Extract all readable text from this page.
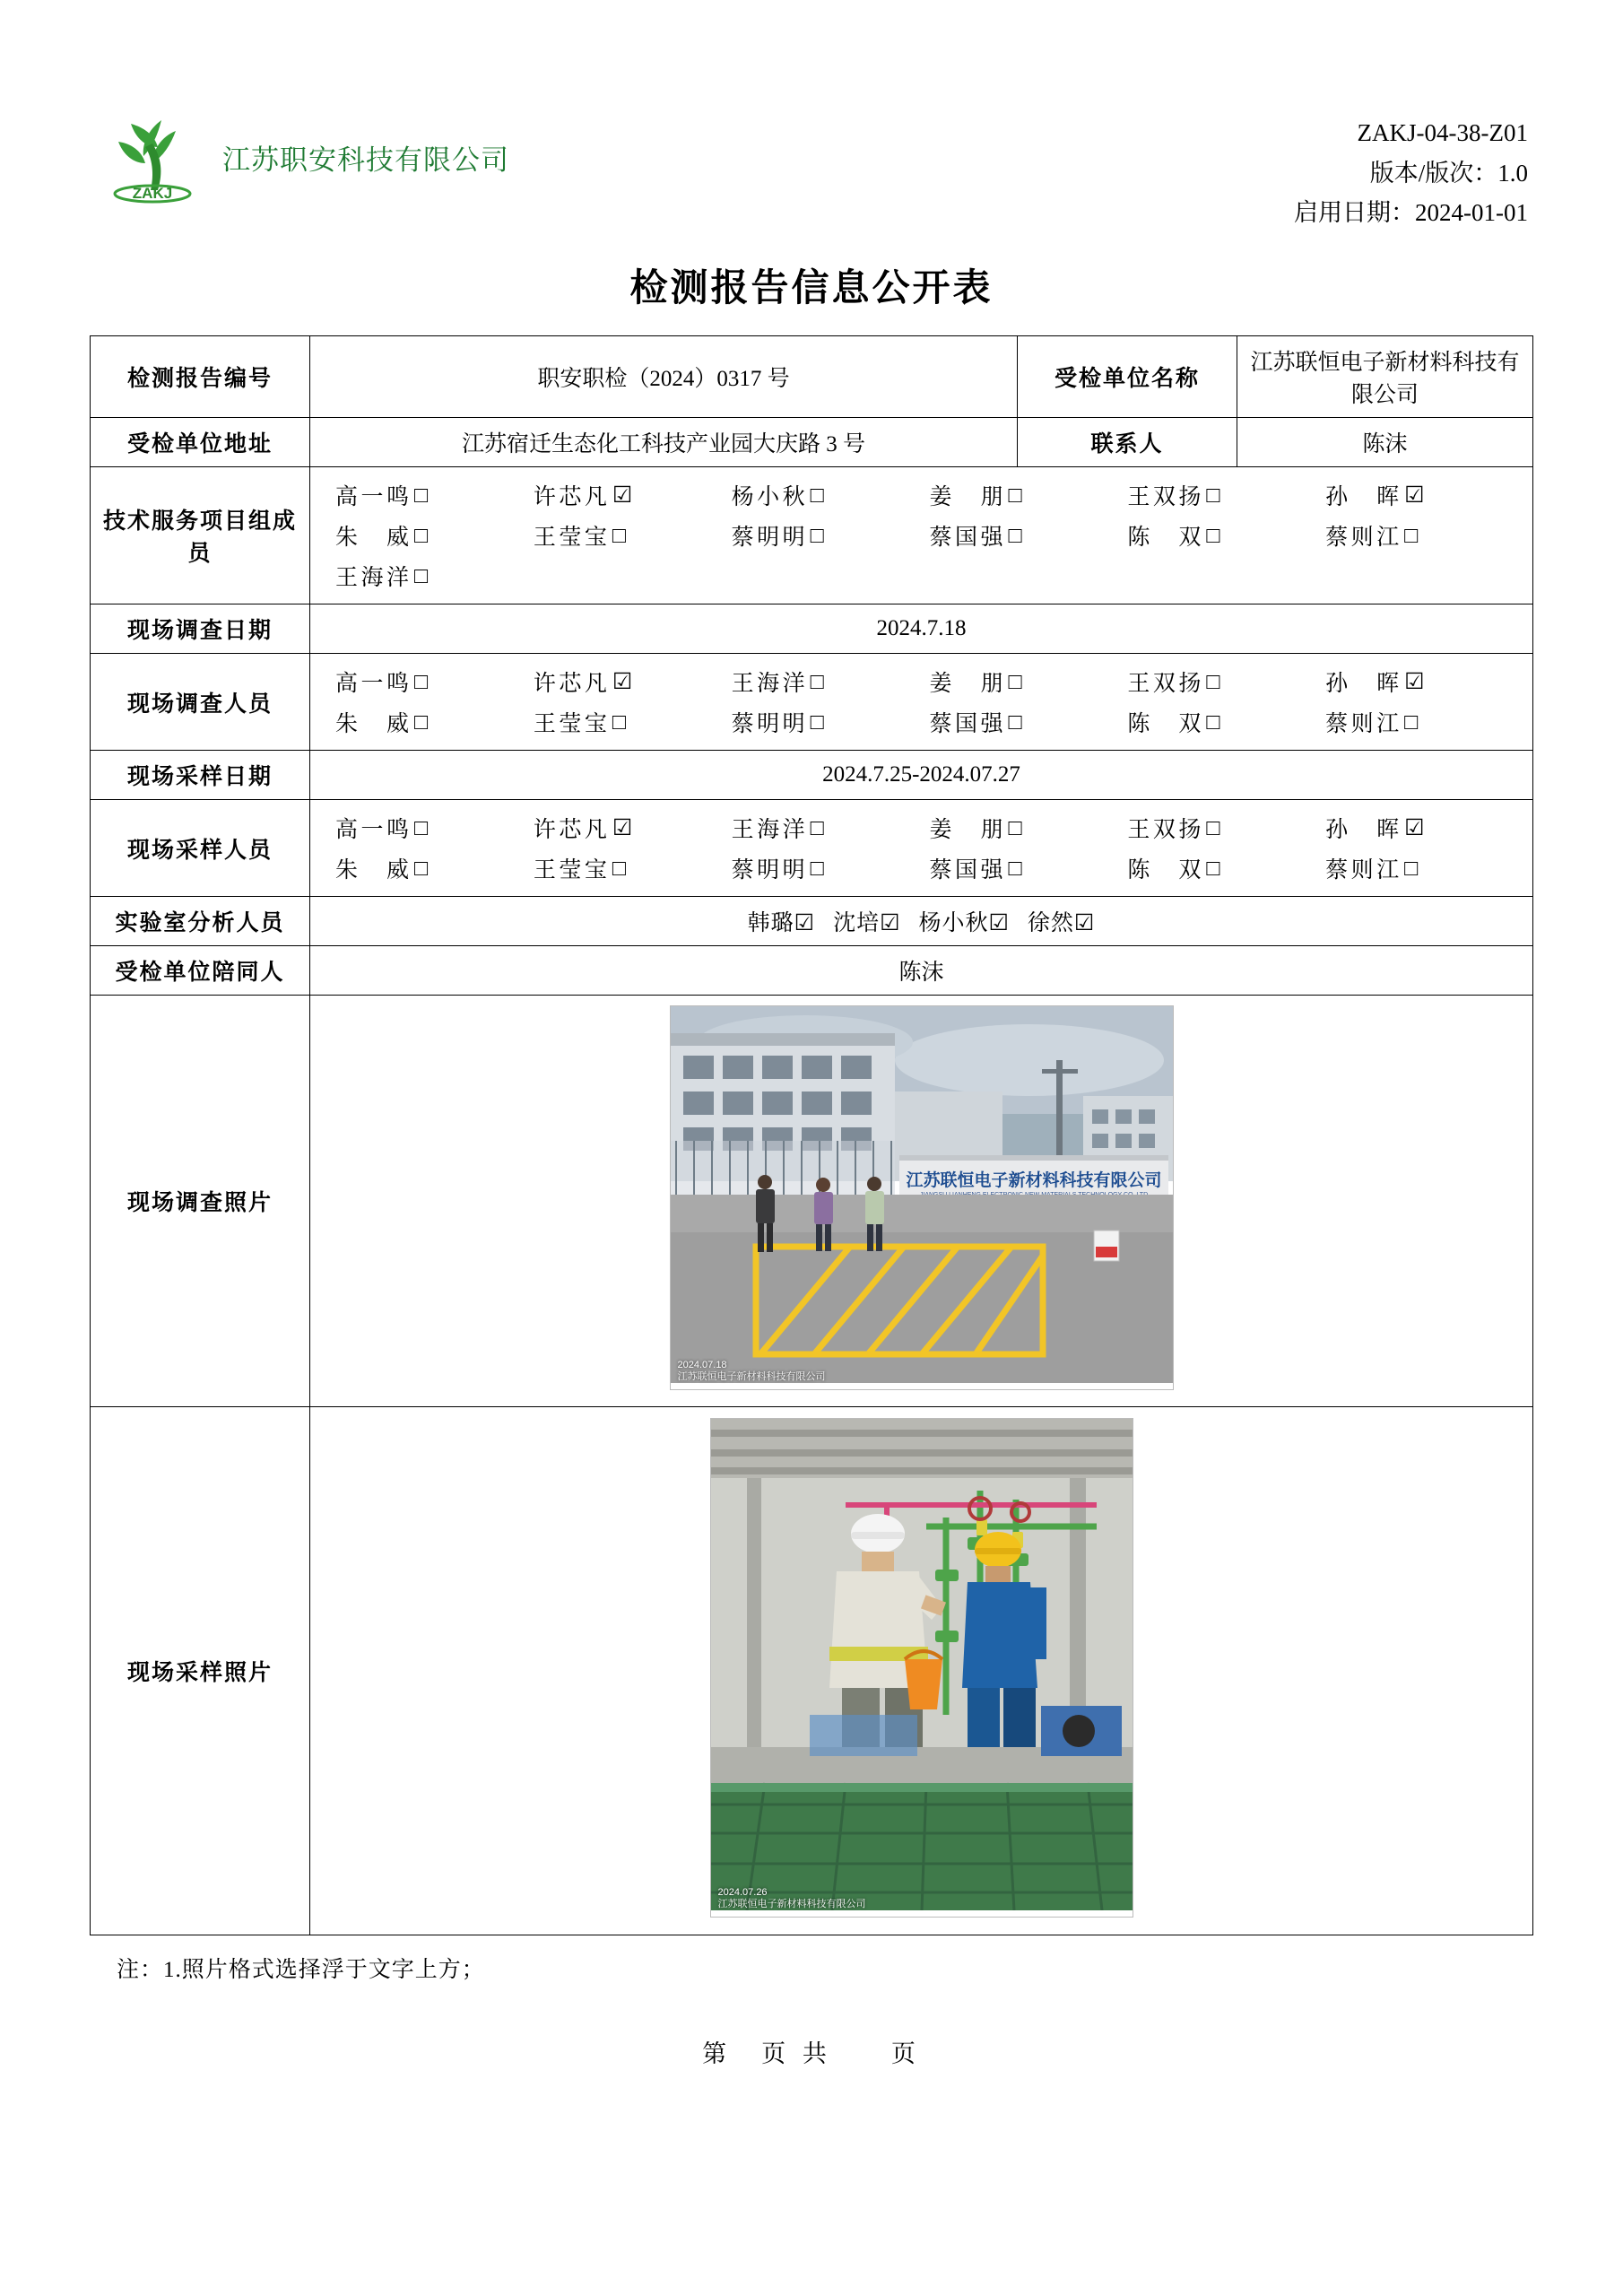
ZAKJ
江苏职安科技有限公司
ZAKJ-04-38-Z01
版本/版次：1.0
启用日期：2024-01-01
检测报告信息公开表
检测报告编号	职安职检（2024）0317 号	受检单位名称	江苏联恒电子新材料科技有限公司
受检单位地址	江苏宿迁生态化工科技产业园大庆路 3 号	联系人	陈沫
技术服务项目组成员	
高一鸣 □	许芯凡 ☑	杨小秋 □	姜　朋 □	王双扬 □	孙　晖 ☑
朱　威 □	王莹宝 □	蔡明明 □	蔡国强 □	陈　双 □	蔡则江 □
王海洋 □

现场调查日期	2024.7.18		
现场调查人员	
高一鸣 □	许芯凡 ☑	王海洋 □	姜　朋 □	王双扬 □	孙　晖 ☑
朱　威 □	王莹宝 □	蔡明明 □	蔡国强 □	陈　双 □	蔡则江 □

现场采样日期	2024.7.25-2024.07.27		
现场采样人员	
高一鸣 □	许芯凡 ☑	王海洋 □	姜　朋 □	王双扬 □	孙　晖 ☑
朱　威 □	王莹宝 □	蔡明明 □	蔡国强 □	陈　双 □	蔡则江 □

实验室分析人员	韩璐☑ 沈培☑ 杨小秋☑ 徐然☑		
受检单位陪同人	陈沫		
现场调查照片	江苏联恒电子新材料科技有限公司
2024.07.18
江苏联恒电子新材料科技有限公司		

现场采样照片	2024.07.26
江苏联恒电子新材料科技有限公司		
注：1.照片格式选择浮于文字上方；
第　页 共　　页
